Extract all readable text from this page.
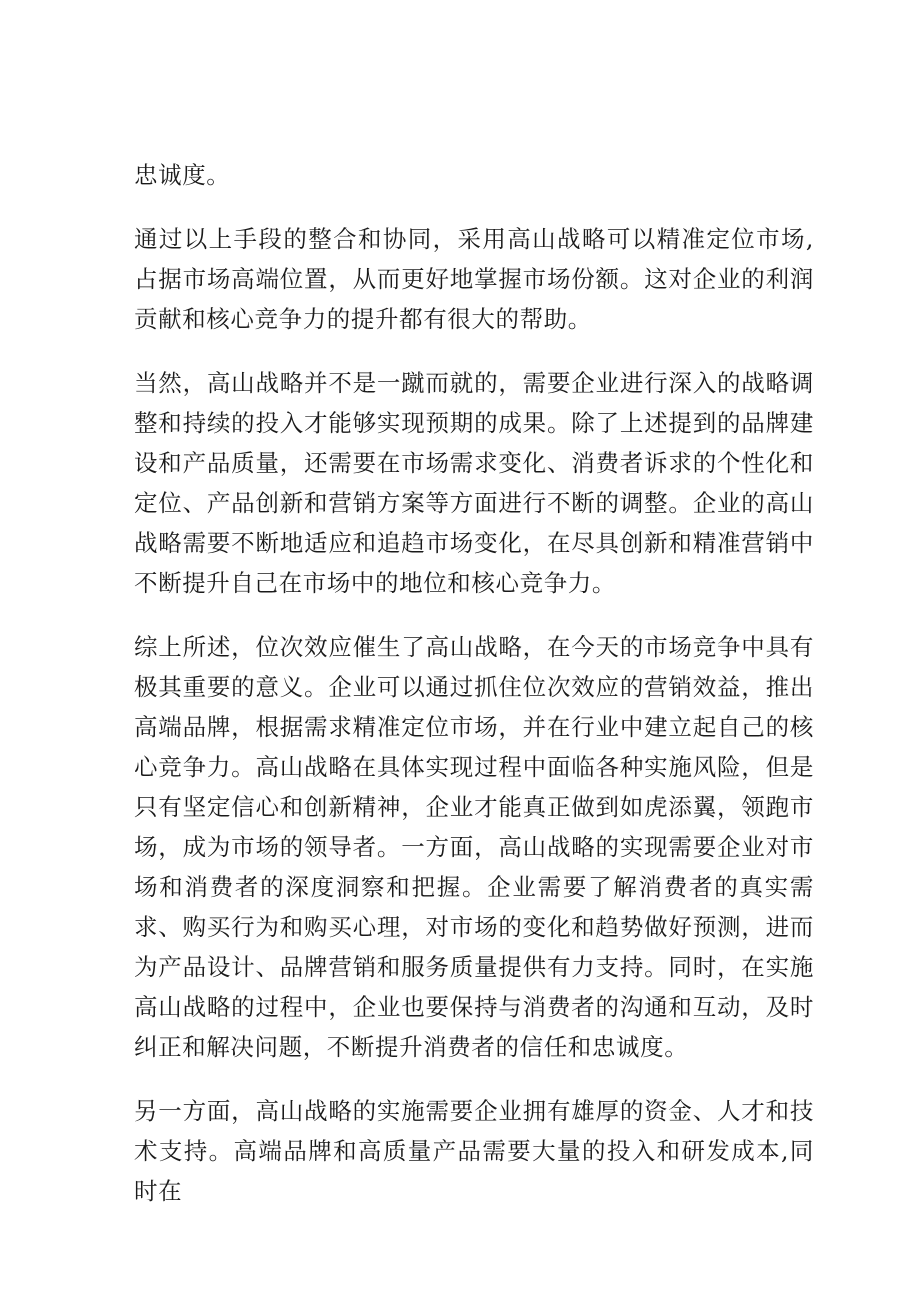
忠诚度。

通过以上手段的整合和协同，采用高山战略可以精准定位市场,占据市场高端位置，从而更好地掌握市场份额。这对企业的利润贡献和核心竞争力的提升都有很大的帮助。

当然，高山战略并不是一蹴而就的，需要企业进行深入的战略调整和持续的投入才能够实现预期的成果。除了上述提到的品牌建设和产品质量，还需要在市场需求变化、消费者诉求的个性化和定位、产品创新和营销方案等方面进行不断的调整。企业的高山战略需要不断地适应和追趋市场变化，在尽具创新和精准营销中不断提升自己在市场中的地位和核心竞争力。

综上所述，位次效应催生了高山战略，在今天的市场竞争中具有极其重要的意义。企业可以通过抓住位次效应的营销效益，推出高端品牌，根据需求精准定位市场，并在行业中建立起自己的核心竞争力。高山战略在具体实现过程中面临各种实施风险，但是只有坚定信心和创新精神，企业才能真正做到如虎添翼，领跑市场，成为市场的领导者。一方面，高山战略的实现需要企业对市场和消费者的深度洞察和把握。企业需要了解消费者的真实需求、购买行为和购买心理，对市场的变化和趋势做好预测，进而为产品设计、品牌营销和服务质量提供有力支持。同时，在实施高山战略的过程中，企业也要保持与消费者的沟通和互动，及时纠正和解决问题，不断提升消费者的信任和忠诚度。

另一方面，高山战略的实施需要企业拥有雄厚的资金、人才和技术支持。高端品牌和高质量产品需要大量的投入和研发成本,同时在
